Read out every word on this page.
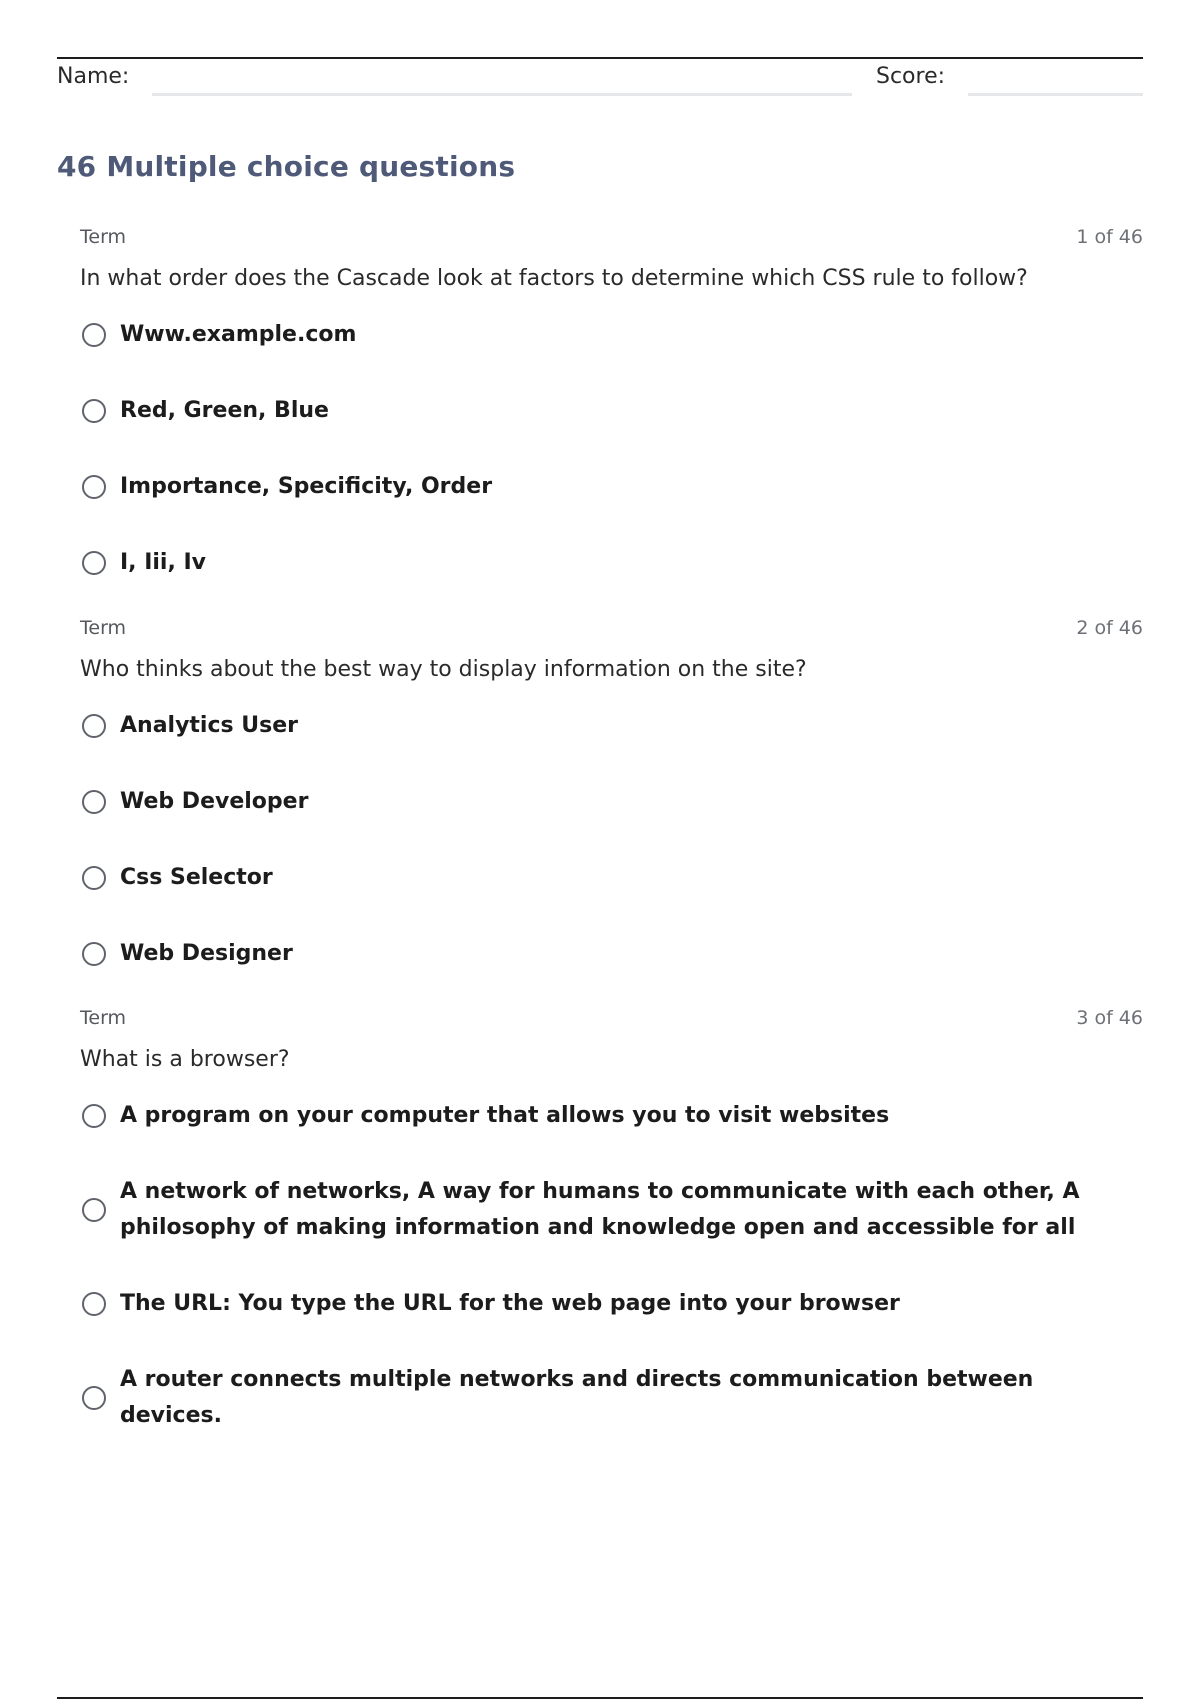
Name:	Score:
46 Multiple choice questions
Term	1 of 46
In what order does the Cascade look at factors to determine which CSS rule to follow?
Www.example.com
Red, Green, Blue
Importance, Specificity, Order
I, Iii, Iv
Term	2 of 46
Who thinks about the best way to display information on the site?
Analytics User
Web Developer
Css Selector
Web Designer
Term	3 of 46
What is a browser?
A program on your computer that allows you to visit websites
A network of networks, A way for humans to communicate with each other, A philosophy of making information and knowledge open and accessible for all
The URL: You type the URL for the web page into your browser
A router connects multiple networks and directs communication between devices.
